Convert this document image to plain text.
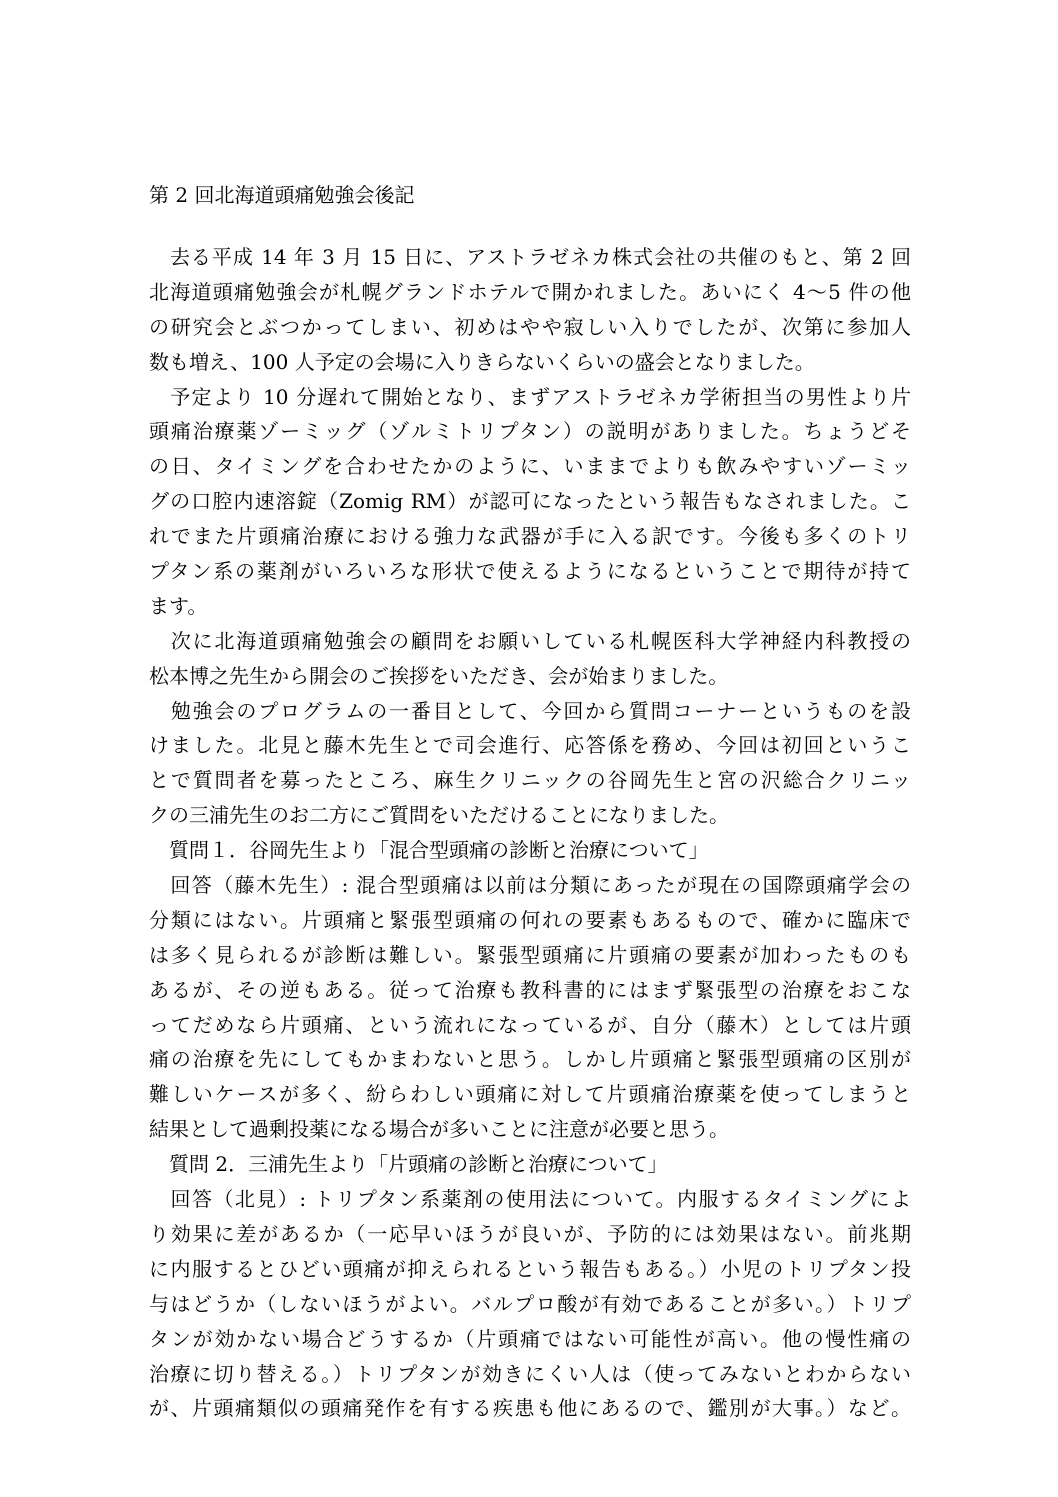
第 2 回北海道頭痛勉強会後記
　去る平成 14 年 3 月 15 日に、アストラゼネカ株式会社の共催のもと、第 2 回
北海道頭痛勉強会が札幌グランドホテルで開かれました。あいにく 4〜5 件の他
の研究会とぶつかってしまい、初めはやや寂しい入りでしたが、次第に参加人
数も増え、100 人予定の会場に入りきらないくらいの盛会となりました。
　予定より 10 分遅れて開始となり、まずアストラゼネカ学術担当の男性より片
頭痛治療薬ゾーミッグ（ゾルミトリプタン）の説明がありました。ちょうどそ
の日、タイミングを合わせたかのように、いままでよりも飲みやすいゾーミッ
グの口腔内速溶錠（Zomig RM）が認可になったという報告もなされました。こ
れでまた片頭痛治療における強力な武器が手に入る訳です。今後も多くのトリ
プタン系の薬剤がいろいろな形状で使えるようになるということで期待が持て
ます。
　次に北海道頭痛勉強会の顧問をお願いしている札幌医科大学神経内科教授の
松本博之先生から開会のご挨拶をいただき、会が始まりました。
　勉強会のプログラムの一番目として、今回から質問コーナーというものを設
けました。北見と藤木先生とで司会進行、応答係を務め、今回は初回というこ
とで質問者を募ったところ、麻生クリニックの谷岡先生と宮の沢総合クリニッ
クの三浦先生のお二方にご質問をいただけることになりました。
　質問１．谷岡先生より「混合型頭痛の診断と治療について」
　回答（藤木先生）: 混合型頭痛は以前は分類にあったが現在の国際頭痛学会の
分類にはない。片頭痛と緊張型頭痛の何れの要素もあるもので、確かに臨床で
は多く見られるが診断は難しい。緊張型頭痛に片頭痛の要素が加わったものも
あるが、その逆もある。従って治療も教科書的にはまず緊張型の治療をおこな
ってだめなら片頭痛、という流れになっているが、自分（藤木）としては片頭
痛の治療を先にしてもかまわないと思う。しかし片頭痛と緊張型頭痛の区別が
難しいケースが多く、紛らわしい頭痛に対して片頭痛治療薬を使ってしまうと
結果として過剰投薬になる場合が多いことに注意が必要と思う。
　質問 2．三浦先生より「片頭痛の診断と治療について」
　回答（北見）: トリプタン系薬剤の使用法について。内服するタイミングによ
り効果に差があるか（一応早いほうが良いが、予防的には効果はない。前兆期
に内服するとひどい頭痛が抑えられるという報告もある。）小児のトリプタン投
与はどうか（しないほうがよい。バルプロ酸が有効であることが多い。）トリプ
タンが効かない場合どうするか（片頭痛ではない可能性が高い。他の慢性痛の
治療に切り替える。）トリプタンが効きにくい人は（使ってみないとわからない
が、片頭痛類似の頭痛発作を有する疾患も他にあるので、鑑別が大事。）など。
